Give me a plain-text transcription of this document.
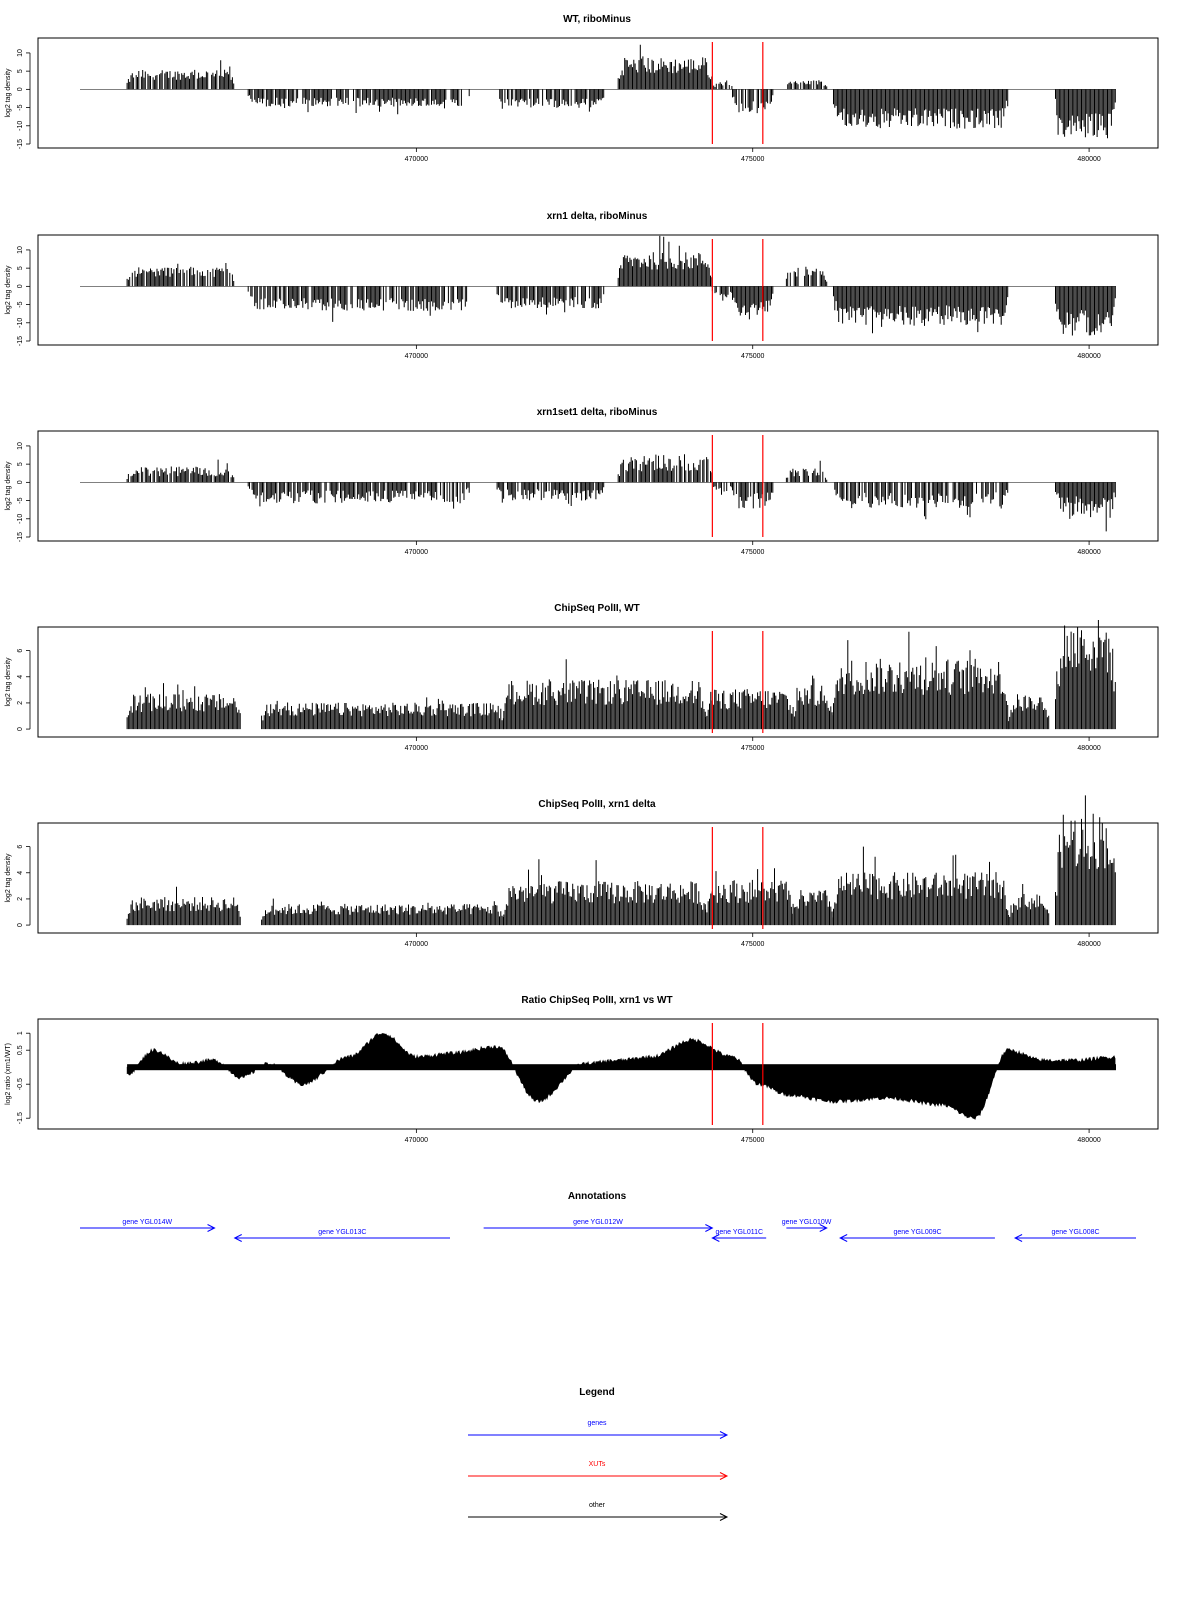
WT, riboMinus
10
5
0
-5
-10
-15
log2 tag density
470000	475000	480000
xrn1 delta, riboMinus
10
5
0
-5
-10
-15
log2 tag density
470000	475000	480000
xrn1set1 delta, riboMinus
10
5
0
-5
-10
-15
log2 tag density
470000	475000	480000
ChipSeq PolII, WT
0
2
4
6
log2 tag density
470000	475000	480000
ChipSeq PolII, xrn1 delta
0
2
4
6
log2 tag density
470000	475000	480000
Ratio ChipSeq PolII, xrn1 vs WT
1
0.5
-0.5
-1.5
log2 ratio (xrn1/WT)
470000	475000	480000
Annotations
gene YGL014W
gene YGL013C
gene YGL012W
gene YGL011C
gene YGL010W
gene YGL009C	gene YGL008C
Legend
genes
XUTs
other
